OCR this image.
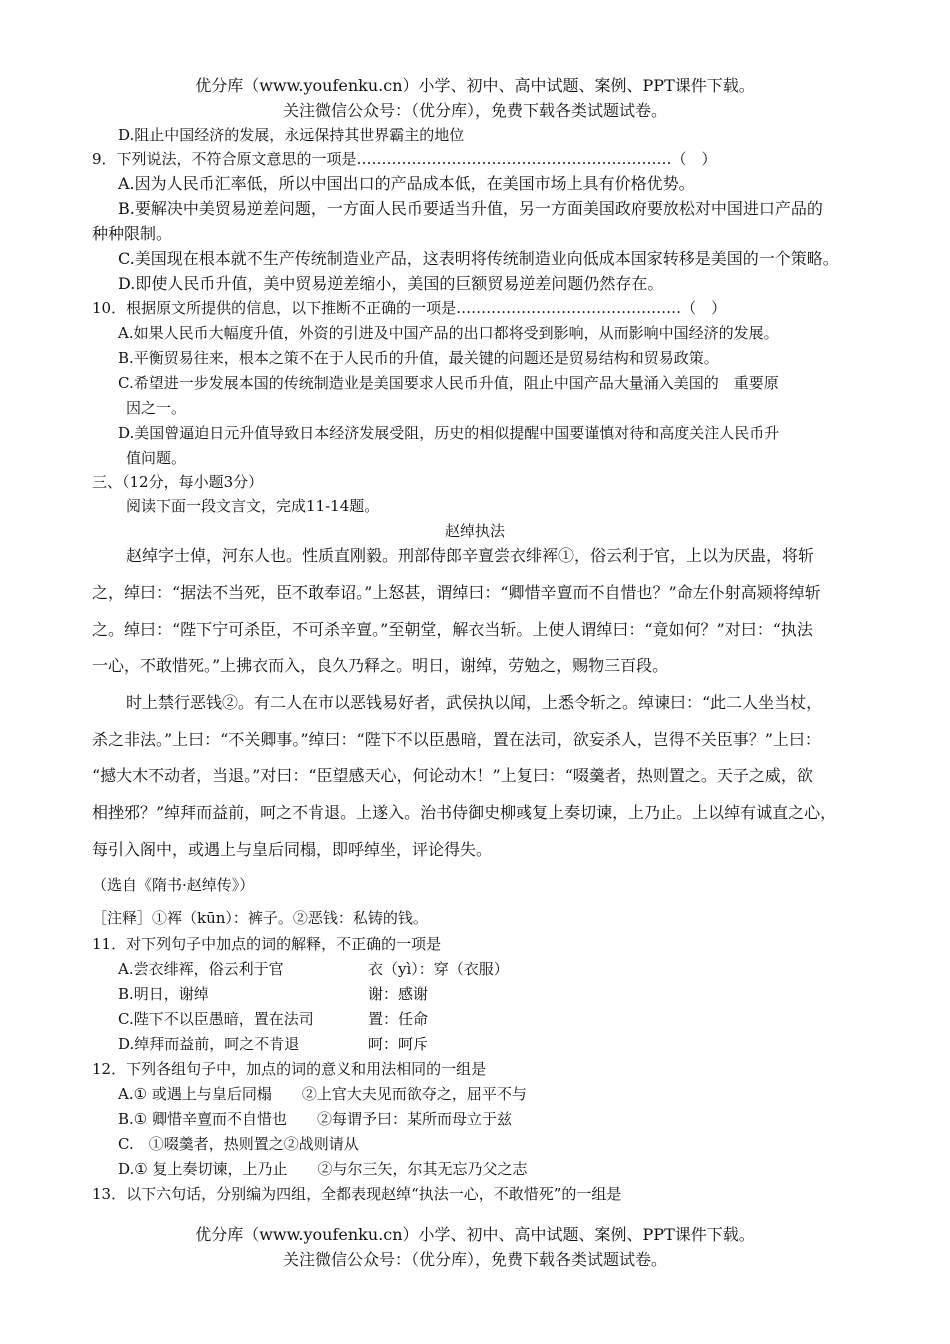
优分库（www.youfenku.cn）小学、初中、高中试题、案例、PPT课件下载。
关注微信公众号：（优分库），免费下载各类试题试卷。
D.阻止中国经济的发展，永远保持其世界霸主的地位
9．下列说法，不符合原文意思的一项是………………………………………………………（　）
A.因为人民币汇率低，所以中国出口的产品成本低，在美国市场上具有价格优势。
B.要解决中美贸易逆差问题，一方面人民币要适当升值，另一方面美国政府要放松对中国进口产品的
种种限制。
C.美国现在根本就不生产传统制造业产品，这表明将传统制造业向低成本国家转移是美国的一个策略。
D.即使人民币升值，美中贸易逆差缩小，美国的巨额贸易逆差问题仍然存在。
10．根据原文所提供的信息，以下推断不正确的一项是………………………………………（　）
A.如果人民币大幅度升值，外资的引进及中国产品的出口都将受到影响，从而影响中国经济的发展。
B.平衡贸易往来，根本之策不在于人民币的升值，最关键的问题还是贸易结构和贸易政策。
C.希望进一步发展本国的传统制造业是美国要求人民币升值，阻止中国产品大量涌入美国的　重要原
因之一。
D.美国曾逼迫日元升值导致日本经济发展受阻，历史的相似提醒中国要谨慎对待和高度关注人民币升
值问题。
三、（12分，每小题3分）
阅读下面一段文言文，完成11-14题。
赵绰执法
赵绰字士倬，河东人也。性质直刚毅。刑部侍郎辛亶尝衣绯裈①，俗云利于官，上以为厌蛊，将斩
之，绰曰：“据法不当死，臣不敢奉诏。”上怒甚，谓绰曰：“卿惜辛亶而不自惜也？”命左仆射高颎将绰斩
之。绰曰：“陛下宁可杀臣，不可杀辛亶。”至朝堂，解衣当斩。上使人谓绰曰：“竟如何？”对曰：“执法
一心，不敢惜死。”上拂衣而入，良久乃释之。明日，谢绰，劳勉之，赐物三百段。
时上禁行恶钱②。有二人在市以恶钱易好者，武侯执以闻，上悉令斩之。绰谏曰：“此二人坐当杖，
杀之非法。”上曰：“不关卿事。”绰曰：“陛下不以臣愚暗，置在法司，欲妄杀人，岂得不关臣事？”上曰：
“撼大木不动者，当退。”对曰：“臣望感天心，何论动木！”上复曰：“啜羹者，热则置之。天子之威，欲
相挫邪？”绰拜而益前，呵之不肯退。上遂入。治书侍御史柳彧复上奏切谏，上乃止。上以绰有诚直之心，
每引入阁中，或遇上与皇后同榻，即呼绰坐，评论得失。
（选自《隋书·赵绰传》）
［注释］①裈（kūn）：裤子。②恶钱：私铸的钱。
11．对下列句子中加点的词的解释，不正确的一项是
A.尝衣绯裈，俗云利于官	衣（yì）：穿（衣服）
B.明日，谢绰	谢：感谢
C.陛下不以臣愚暗，置在法司	置：任命
D.绰拜而益前，呵之不肯退	呵：呵斥
12．下列各组句子中，加点的词的意义和用法相同的一组是
A.① 或遇上与皇后同榻　　②上官大夫见而欲夺之，屈平不与
B.① 卿惜辛亶而不自惜也　　②每谓予曰：某所而母立于兹
C.　①啜羹者，热则置之②战则请从
D.① 复上奏切谏，上乃止　　②与尔三矢，尔其无忘乃父之志
13．以下六句话，分别编为四组，全都表现赵绰“执法一心，不敢惜死”的一组是
优分库（www.youfenku.cn）小学、初中、高中试题、案例、PPT课件下载。
关注微信公众号：（优分库），免费下载各类试题试卷。
